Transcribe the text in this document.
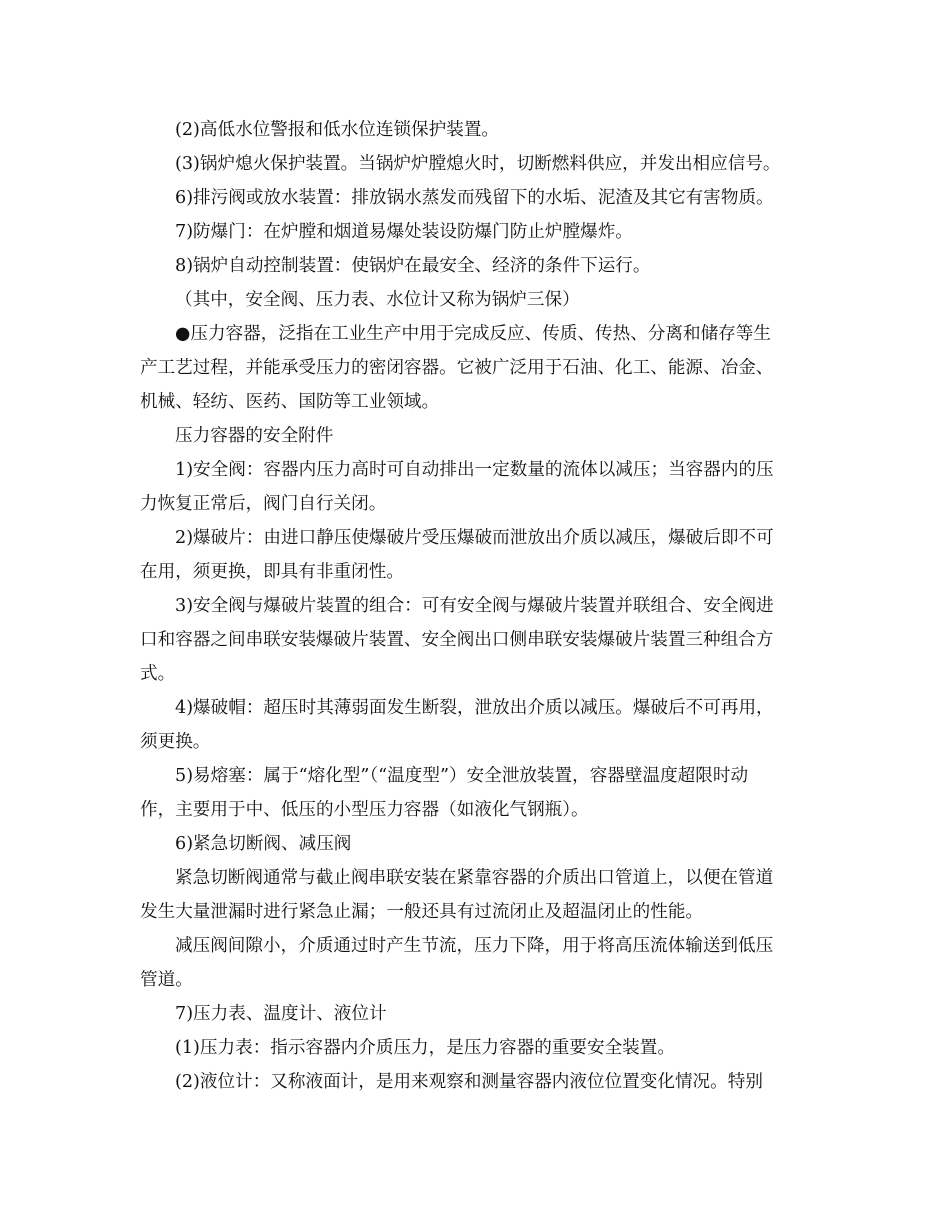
(2)高低水位警报和低水位连锁保护装置。
(3)锅炉熄火保护装置。当锅炉炉膛熄火时，切断燃料供应，并发出相应信号。
6)排污阀或放水装置：排放锅水蒸发而残留下的水垢、泥渣及其它有害物质。
7)防爆门：在炉膛和烟道易爆处装设防爆门防止炉膛爆炸。
8)锅炉自动控制装置：使锅炉在最安全、经济的条件下运行。
（其中，安全阀、压力表、水位计又称为锅炉三保）
●压力容器，泛指在工业生产中用于完成反应、传质、传热、分离和储存等生
产工艺过程，并能承受压力的密闭容器。它被广泛用于石油、化工、能源、冶金、
机械、轻纺、医药、国防等工业领域。
压力容器的安全附件
1)安全阀：容器内压力高时可自动排出一定数量的流体以减压；当容器内的压
力恢复正常后，阀门自行关闭。
2)爆破片：由进口静压使爆破片受压爆破而泄放出介质以减压，爆破后即不可
在用，须更换，即具有非重闭性。
3)安全阀与爆破片装置的组合：可有安全阀与爆破片装置并联组合、安全阀进
口和容器之间串联安装爆破片装置、安全阀出口侧串联安装爆破片装置三种组合方
式。
4)爆破帽：超压时其薄弱面发生断裂，泄放出介质以减压。爆破后不可再用，
须更换。
5)易熔塞：属于“熔化型”（“温度型”）安全泄放装置，容器壁温度超限时动
作，主要用于中、低压的小型压力容器（如液化气钢瓶）。
6)紧急切断阀、减压阀
紧急切断阀通常与截止阀串联安装在紧靠容器的介质出口管道上，以便在管道
发生大量泄漏时进行紧急止漏；一般还具有过流闭止及超温闭止的性能。
减压阀间隙小，介质通过时产生节流，压力下降，用于将高压流体输送到低压
管道。
7)压力表、温度计、液位计
(1)压力表：指示容器内介质压力，是压力容器的重要安全装置。
(2)液位计：又称液面计，是用来观察和测量容器内液位位置变化情况。特别
